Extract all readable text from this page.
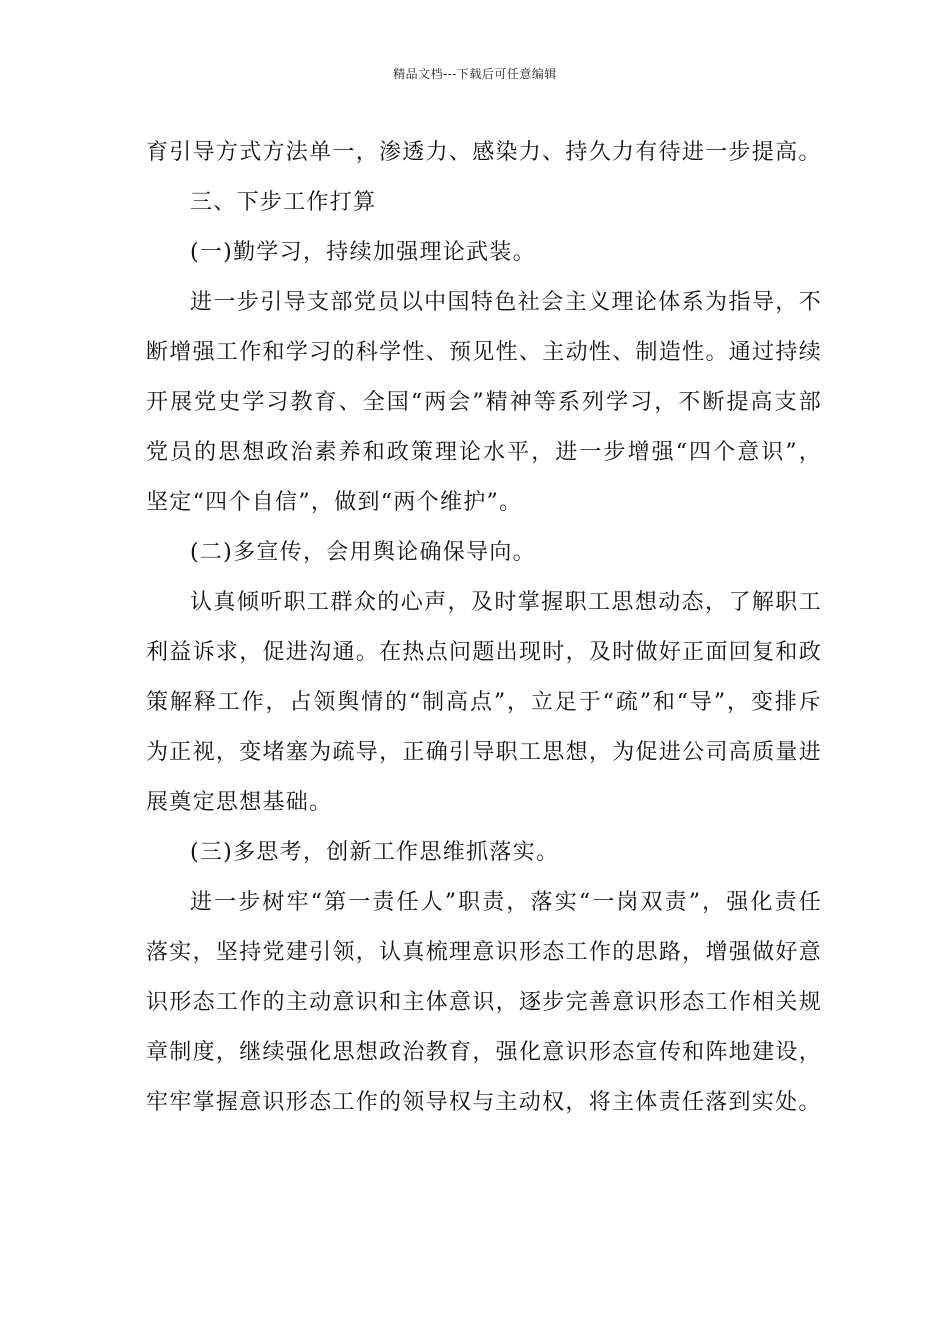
精品文档---下载后可任意编辑

育引导方式方法单一，渗透力、感染力、持久力有待进一步提高。

三、下步工作打算

(一)勤学习，持续加强理论武装。

进一步引导支部党员以中国特色社会主义理论体系为指导，不断增强工作和学习的科学性、预见性、主动性、制造性。通过持续开展党史学习教育、全国“两会”精神等系列学习，不断提高支部党员的思想政治素养和政策理论水平，进一步增强“四个意识”，坚定“四个自信”，做到“两个维护”。

(二)多宣传，会用舆论确保导向。

认真倾听职工群众的心声，及时掌握职工思想动态，了解职工利益诉求，促进沟通。在热点问题出现时，及时做好正面回复和政策解释工作，占领舆情的“制高点”，立足于“疏”和“导”，变排斥为正视，变堵塞为疏导，正确引导职工思想，为促进公司高质量进展奠定思想基础。

(三)多思考，创新工作思维抓落实。

进一步树牢“第一责任人”职责，落实“一岗双责”，强化责任落实，坚持党建引领，认真梳理意识形态工作的思路，增强做好意识形态工作的主动意识和主体意识，逐步完善意识形态工作相关规章制度，继续强化思想政治教育，强化意识形态宣传和阵地建设，牢牢掌握意识形态工作的领导权与主动权，将主体责任落到实处。
